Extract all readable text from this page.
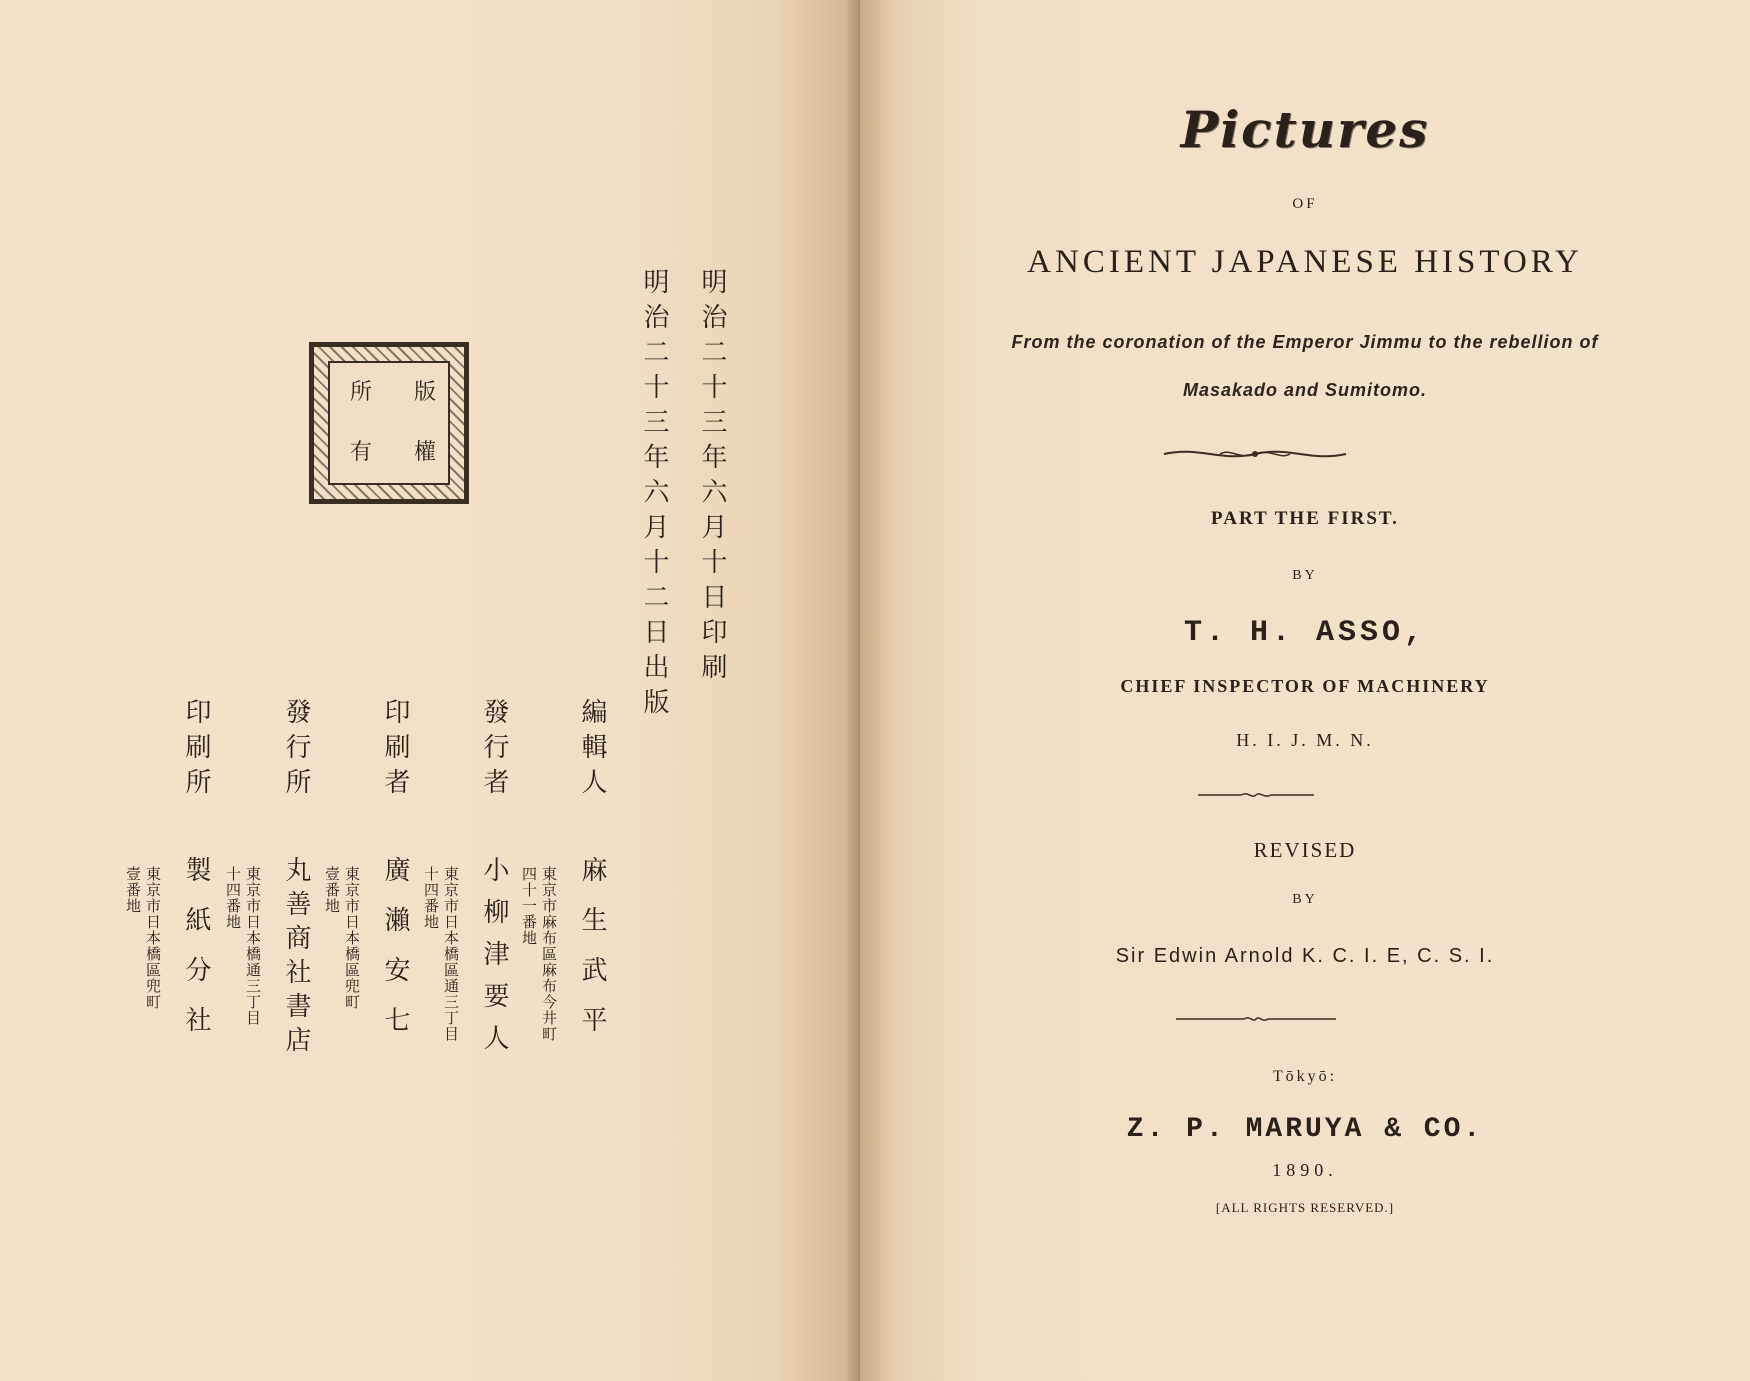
版
權
所
有	明治二十三年六月十日印刷
明治二十三年六月十二日出版
編輯人
發行者
印刷者
發行所
印刷所
麻生武平
小柳津要人
廣瀨安七
丸善商社書店
製紙分社	東京市麻布區麻布今井町
四十一番地
東京市日本橋區通三丁目
十四番地
東京市日本橋區兜町
壹番地
東京市日本橋通三丁目
十四番地
東京市日本橋區兜町
壹番地
Pictures
OF
ANCIENT JAPANESE HISTORY
From the coronation of the Emperor Jimmu to the rebellion of
Masakado and Sumitomo.
PART THE FIRST.
BY
T. H. ASSO,
CHIEF INSPECTOR OF MACHINERY
H. I. J. M. N.
REVISED
BY
Sir Edwin Arnold K. C. I. E, C. S. I.
Tōkyō:
Z. P. MARUYA & CO.
1890.
[ALL RIGHTS RESERVED.]
